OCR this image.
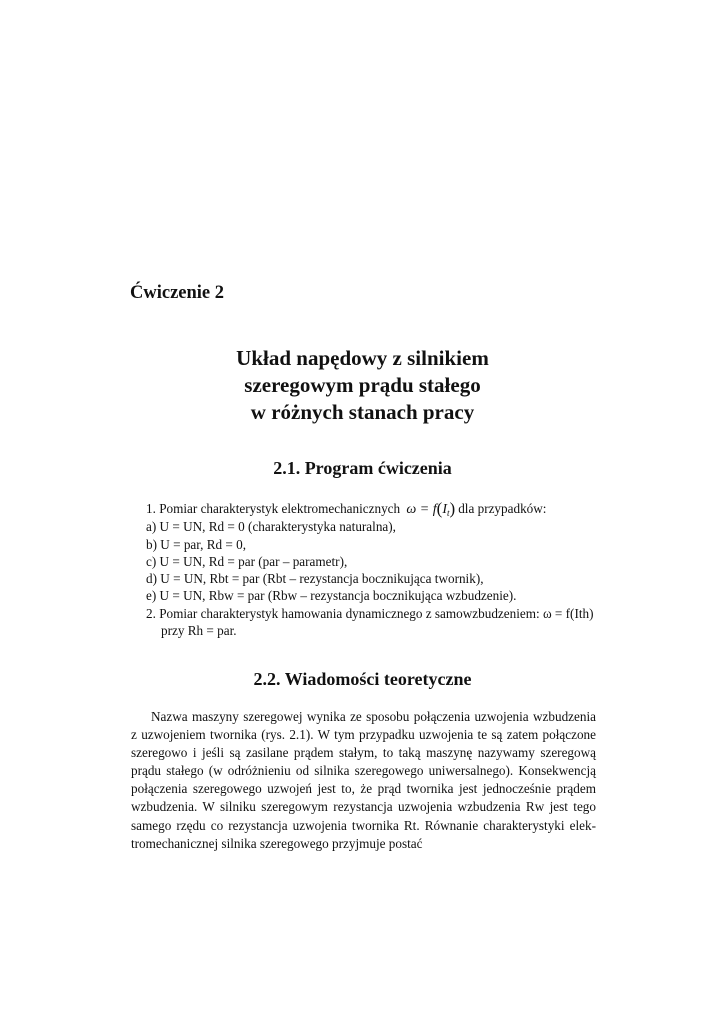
Ćwiczenie 2
Układ napędowy z silnikiem
szeregowym prądu stałego
w różnych stanach pracy
2.1. Program ćwiczenia
1. Pomiar charakterystyk elektromechanicznych $\omega = f(I_t)$ dla przypadków:
a) U = UN, Rd = 0 (charakterystyka naturalna),
b) U = par, Rd = 0,
c) U = UN, Rd = par (par – parametr),
d) U = UN, Rbt = par (Rbt – rezystancja bocznikująca twornik),
e) U = UN, Rbw = par (Rbw – rezystancja bocznikująca wzbudzenie).
2. Pomiar charakterystyk hamowania dynamicznego z samowzbudzeniem: ω = f(Ith)
przy Rh = par.
2.2. Wiadomości teoretyczne
Nazwa maszyny szeregowej wynika ze sposobu połączenia uzwojenia wzbudzenia
z uzwojeniem twornika (rys. 2.1). W tym przypadku uzwojenia te są zatem połączone
szeregowo i jeśli są zasilane prądem stałym, to taką maszynę nazywamy szeregową
prądu stałego (w odróżnieniu od silnika szeregowego uniwersalnego). Konsekwencją
połączenia szeregowego uzwojeń jest to, że prąd twornika jest jednocześnie prądem
wzbudzenia. W silniku szeregowym rezystancja uzwojenia wzbudzenia Rw jest tego
samego rzędu co rezystancja uzwojenia twornika Rt. Równanie charakterystyki elek-
tromechanicznej silnika szeregowego przyjmuje postać
